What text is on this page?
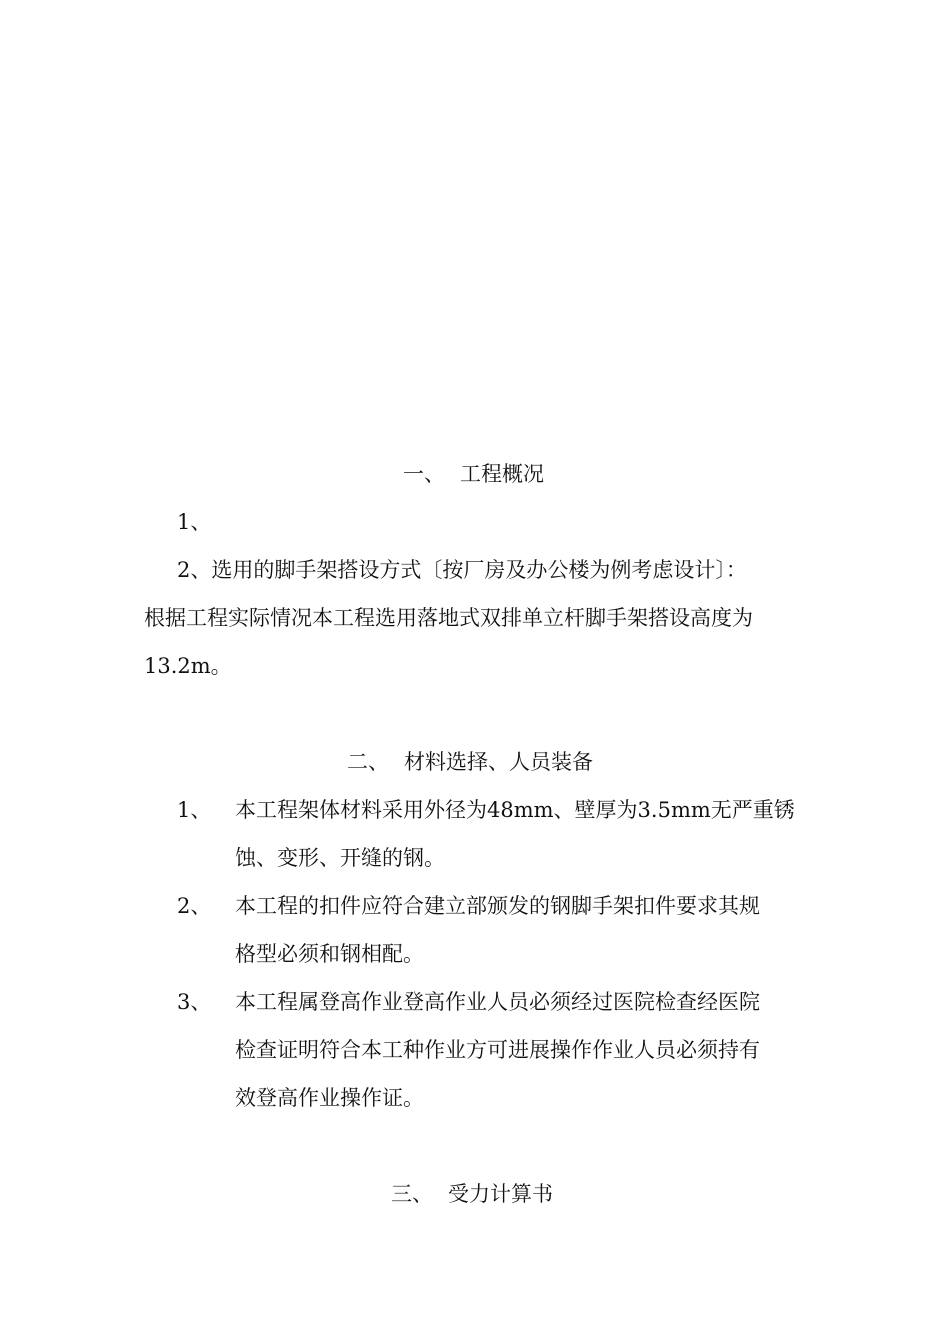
一、 工程概况

1、

2、选用的脚手架搭设方式〔按厂房及办公楼为例考虑设计〕：

根据工程实际情况本工程选用落地式双排单立杆脚手架搭设高度为

13.2m。

二、 材料选择、人员装备
1、 本工程架体材料采用外径为48mm、壁厚为3.5mm无严重锈

蚀、变形、开缝的钢。

2、 本工程的扣件应符合建立部颁发的钢脚手架扣件要求其规

格型必须和钢相配。

3、 本工程属登高作业登高作业人员必须经过医院检查经医院

检查证明符合本工种作业方可进展操作作业人员必须持有

效登高作业操作证。

三、 受力计算书
